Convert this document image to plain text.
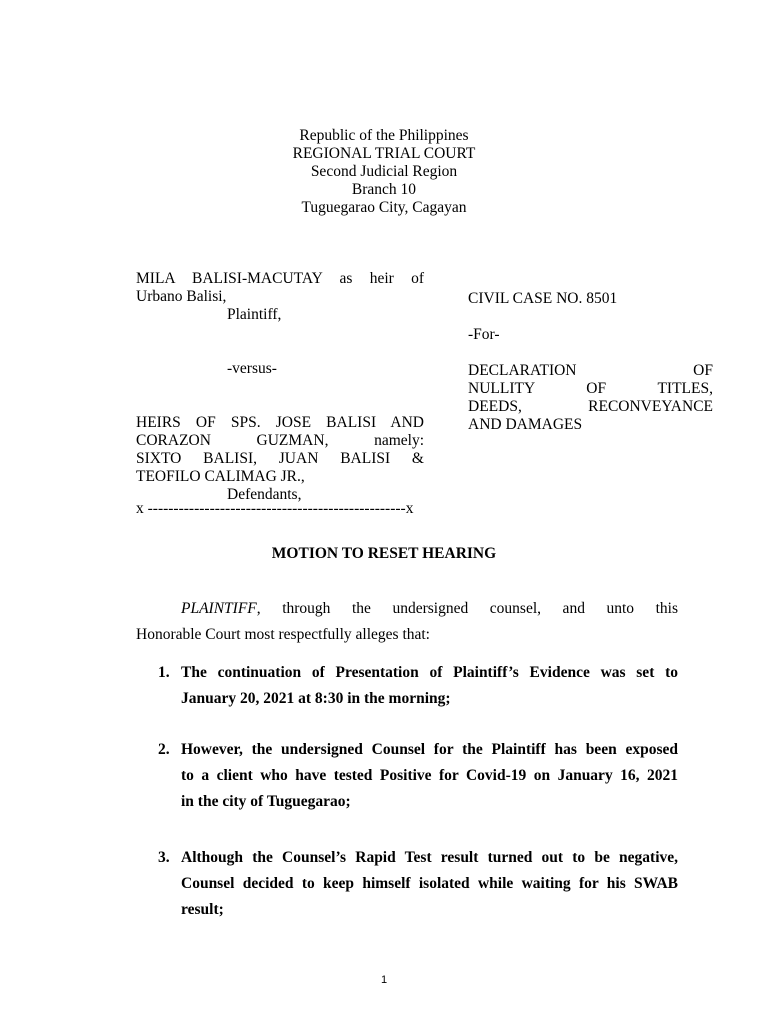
Republic of the Philippines
REGIONAL TRIAL COURT
Second Judicial Region
Branch 10
Tuguegarao City, Cagayan
MILA BALISI-MACUTAY as heir of
Urbano Balisi,
Plaintiff,
-versus-
HEIRS OF SPS. JOSE BALISI AND
CORAZON GUZMAN, namely:
SIXTO BALISI, JUAN BALISI &
TEOFILO CALIMAG JR.,
Defendants,
x --------------------------------------------------x
CIVIL CASE NO. 8501
-For-
DECLARATION OF
NULLITY OF TITLES,
DEEDS, RECONVEYANCE
AND DAMAGES
MOTION TO RESET HEARING
PLAINTIFF, through the undersigned counsel, and unto this
Honorable Court most respectfully alleges that:
1. The continuation of Presentation of Plaintiff’s Evidence was set to
January 20, 2021 at 8:30 in the morning;
2. However, the undersigned Counsel for the Plaintiff has been exposed
to a client who have tested Positive for Covid-19 on January 16, 2021
in the city of Tuguegarao;
3. Although the Counsel’s Rapid Test result turned out to be negative,
Counsel decided to keep himself isolated while waiting for his SWAB
result;
1
